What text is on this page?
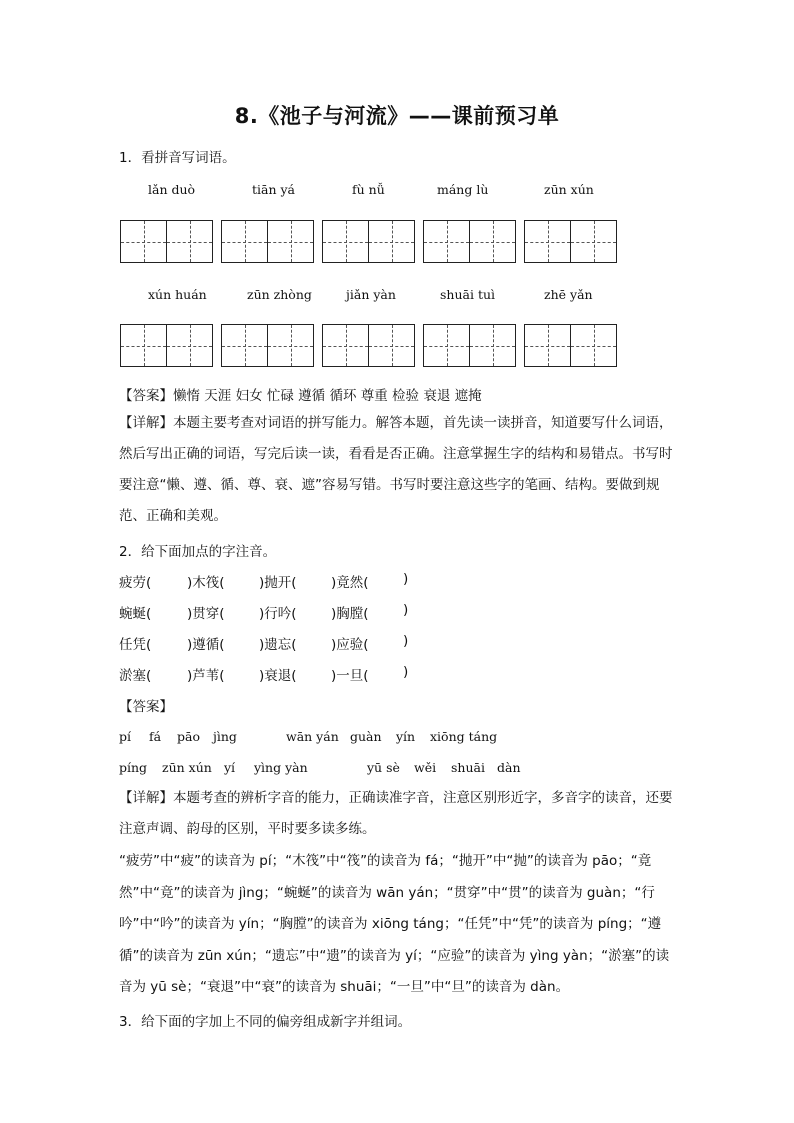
8.《池子与河流》——课前预习单
1．看拼音写词语。
lǎn duò	tiān yá	fù nǚ	máng lù	zūn xún
xún huán	zūn zhòng	jiǎn yàn	shuāi tuì	zhē yǎn
【答案】懒惰 天涯 妇女 忙碌 遵循 循环 尊重 检验 衰退 遮掩
【详解】本题主要考查对词语的拼写能力。解答本题，首先读一读拼音，知道要写什么词语，然后写出正确的词语，写完后读一读，看看是否正确。注意掌握生字的结构和易错点。书写时要注意“懒、遵、循、尊、衰、遮”容易写错。书写时要注意这些字的笔画、结构。要做到规范、正确和美观。
2．给下面加点的字注音。
疲劳(	)木筏(	)抛开(	)竟然(	)
蜿蜒(	)贯穿(	)行吟(	)胸膛(	)
任凭(	)遵循(	)遗忘(	)应验(	)
淤塞(	)芦苇(	)衰退(	)一旦(	)
【答案】
pí fá pāo jìng	wān yán guàn yín xiōng táng
píng zūn xún yí yìng yàn	yū sè wěi shuāi dàn
【详解】本题考查的辨析字音的能力，正确读准字音，注意区别形近字，多音字的读音，还要注意声调、韵母的区别，平时要多读多练。
“疲劳”中“疲”的读音为 pí；“木筏”中“筏”的读音为 fá；“抛开”中“抛”的读音为 pāo；“竟然”中“竟”的读音为 jìng；“蜿蜒”的读音为 wān yán；“贯穿”中“贯”的读音为 guàn；“行吟”中“吟”的读音为 yín；“胸膛”的读音为 xiōng táng；“任凭”中“凭”的读音为 píng；“遵循”的读音为 zūn xún；“遗忘”中“遗”的读音为 yí；“应验”的读音为 yìng yàn；“淤塞”的读音为 yū sè；“衰退”中“衰”的读音为 shuāi；“一旦”中“旦”的读音为 dàn。
3．给下面的字加上不同的偏旁组成新字并组词。
